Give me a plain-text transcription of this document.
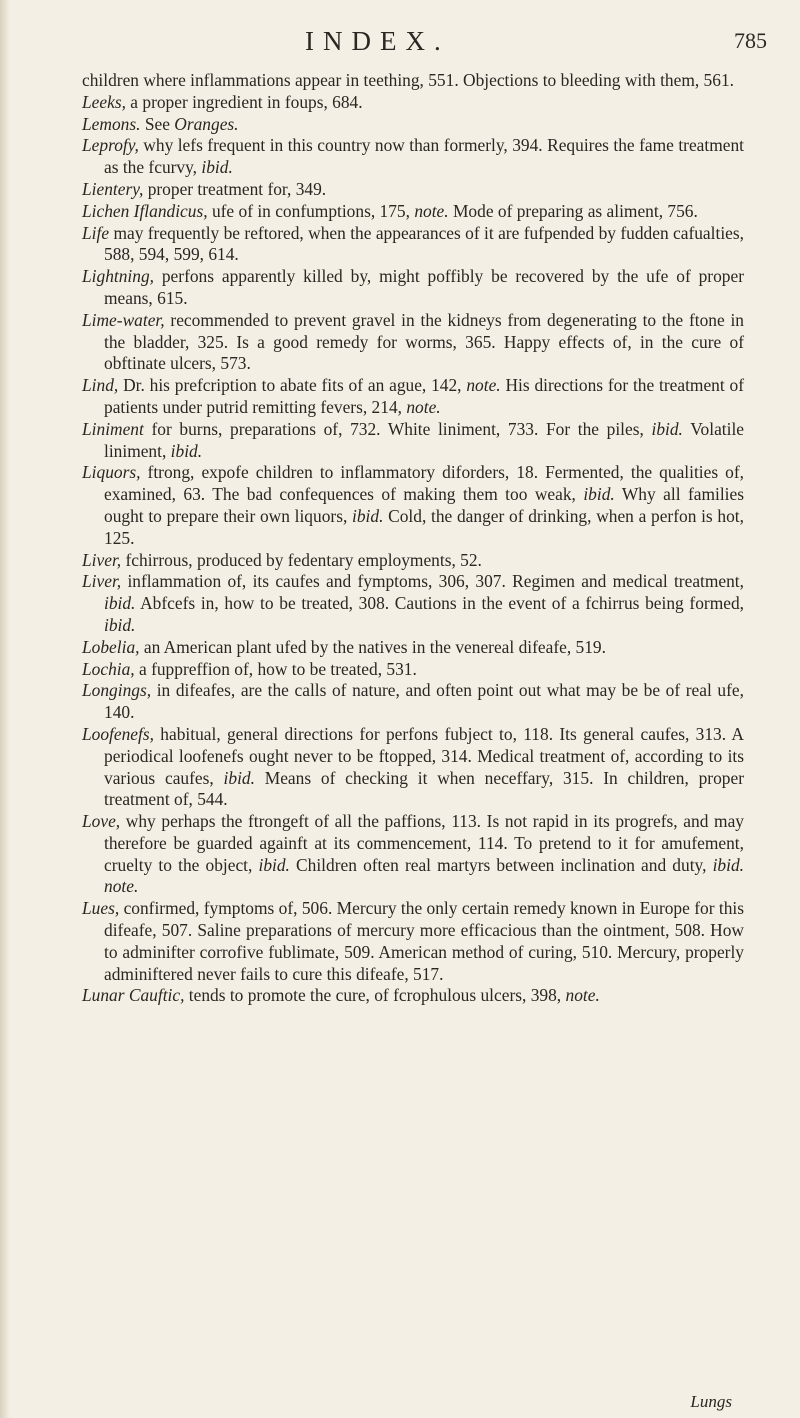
INDEX.	785

children where inflammations appear in teething, 551. Objections to bleeding with them, 561.

Leeks, a proper ingredient in foups, 684.

Lemons. See Oranges.

Leprofy, why lefs frequent in this country now than formerly, 394. Requires the fame treatment as the fcurvy, ibid.

Lientery, proper treatment for, 349.

Lichen Iflandicus, ufe of in confumptions, 175, note. Mode of preparing as aliment, 756.

Life may frequently be reftored, when the appearances of it are fufpended by fudden cafualties, 588, 594, 599, 614.

Lightning, perfons apparently killed by, might poffibly be recovered by the ufe of proper means, 615.

Lime-water, recommended to prevent gravel in the kidneys from degenerating to the ftone in the bladder, 325. Is a good remedy for worms, 365. Happy effects of, in the cure of obftinate ulcers, 573.

Lind, Dr. his prefcription to abate fits of an ague, 142, note. His directions for the treatment of patients under putrid remitting fevers, 214, note.

Liniment for burns, preparations of, 732. White liniment, 733. For the piles, ibid. Volatile liniment, ibid.

Liquors, ftrong, expofe children to inflammatory diforders, 18. Fermented, the qualities of, examined, 63. The bad confequences of making them too weak, ibid. Why all families ought to prepare their own liquors, ibid. Cold, the danger of drinking, when a perfon is hot, 125.

Liver, fchirrous, produced by fedentary employments, 52.

Liver, inflammation of, its caufes and fymptoms, 306, 307. Regimen and medical treatment, ibid. Abfcefs in, how to be treated, 308. Cautions in the event of a fchirrus being formed, ibid.

Lobelia, an American plant ufed by the natives in the venereal difeafe, 519.

Lochia, a fuppreffion of, how to be treated, 531.

Longings, in difeafes, are the calls of nature, and often point out what may be be of real ufe, 140.

Loofenefs, habitual, general directions for perfons fubject to, 118. Its general caufes, 313. A periodical loofenefs ought never to be ftopped, 314. Medical treatment of, according to its various caufes, ibid. Means of checking it when neceffary, 315. In children, proper treatment of, 544.

Love, why perhaps the ftrongeft of all the paffions, 113. Is not rapid in its progrefs, and may therefore be guarded againft at its commencement, 114. To pretend to it for amufement, cruelty to the object, ibid. Children often real martyrs between inclination and duty, ibid. note.

Lues, confirmed, fymptoms of, 506. Mercury the only certain remedy known in Europe for this difeafe, 507. Saline preparations of mercury more efficacious than the ointment, 508. How to adminifter corrofive fublimate, 509. American method of curing, 510. Mercury, properly adminiftered never fails to cure this difeafe, 517.

Lunar Cauftic, tends to promote the cure, of fcrophulous ulcers, 398, note.

Lungs
